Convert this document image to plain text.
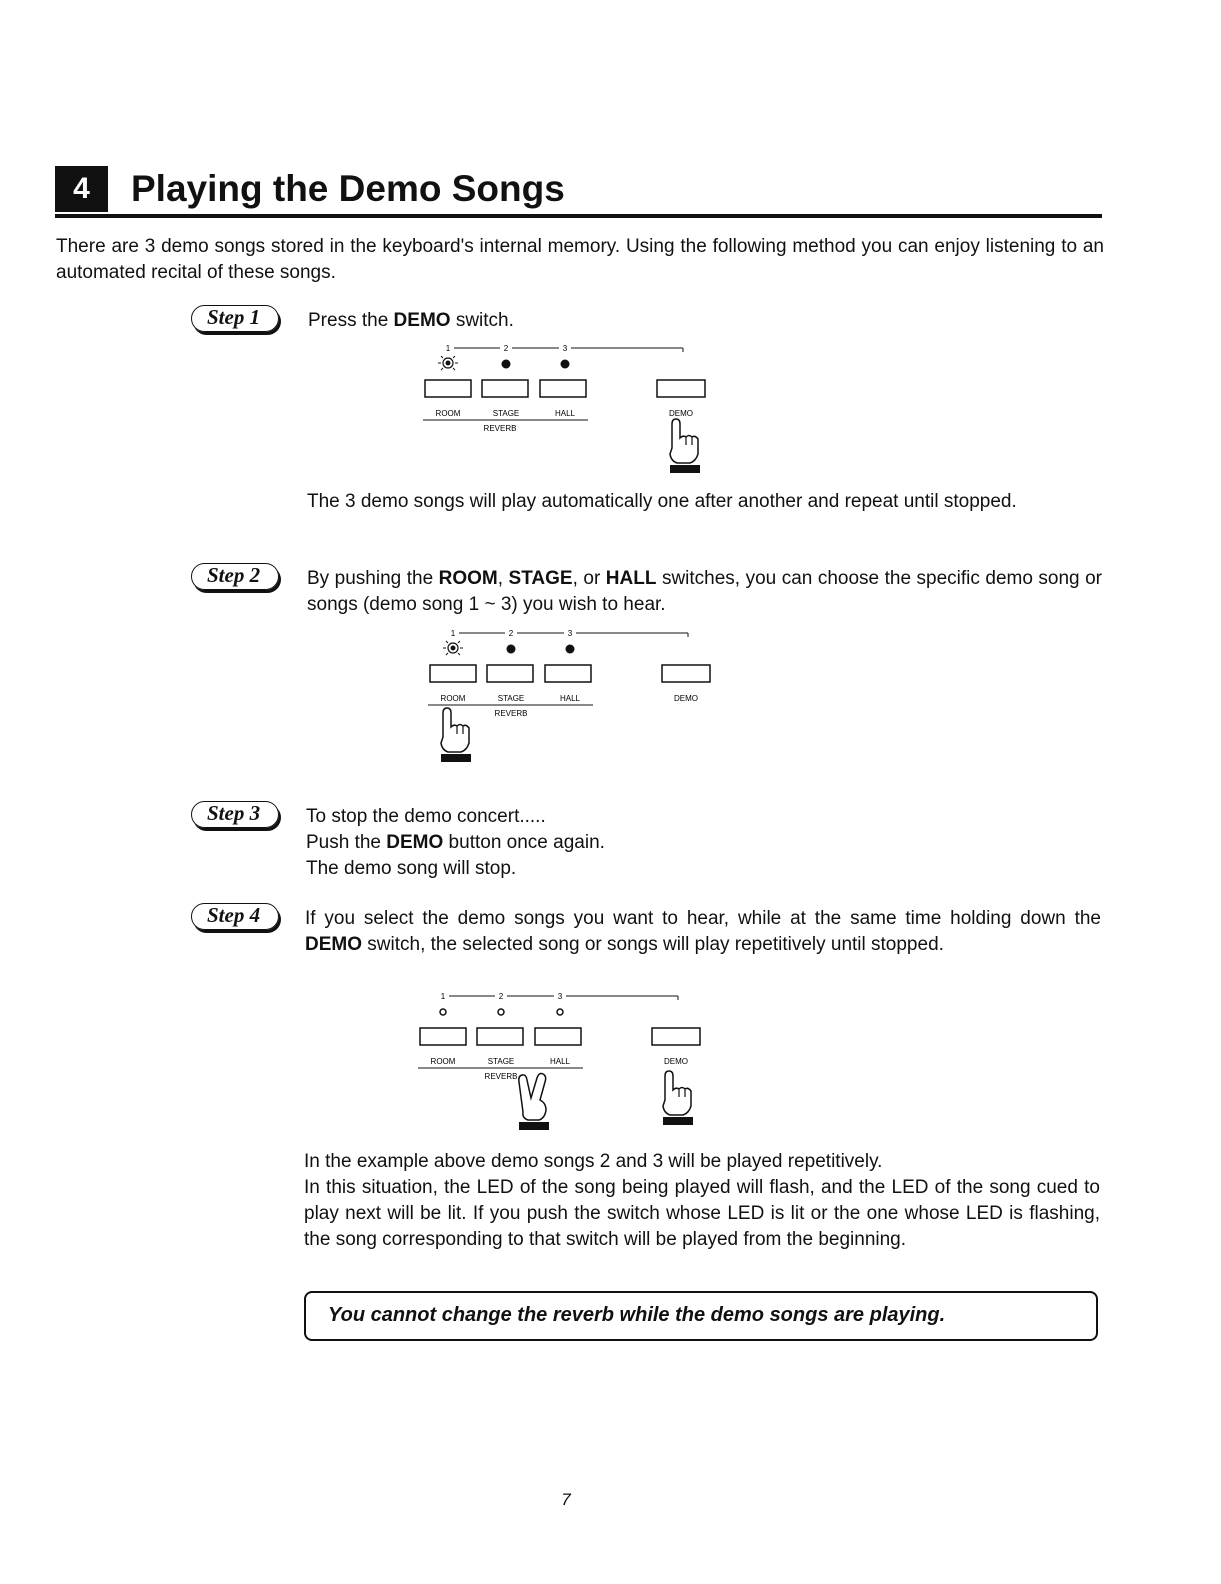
4	Playing the Demo Songs
There are 3 demo songs stored in the keyboard's internal memory. Using the following method you can enjoy listening to an automated recital of these songs.
Step 1	Press the DEMO switch.
1	2	3
ROOM	STAGE	HALL	DEMO
REVERB
The 3 demo songs will play automatically one after another and repeat until stopped.
Step 2	By pushing the ROOM, STAGE, or HALL switches, you can choose the specific demo song or songs (demo song 1 ~ 3) you wish to hear.
1	2	3
ROOM	STAGE	HALL	DEMO
REVERB
Step 3	To stop the demo concert.....
Push the DEMO button once again.
The demo song will stop.
Step 4	If you select the demo songs you want to hear, while at the same time holding down the DEMO switch, the selected song or songs will play repetitively until stopped.
1	2	3
ROOM	STAGE	HALL	DEMO
REVERB
In the example above demo songs 2 and 3 will be played repetitively.
In this situation, the LED of the song being played will flash, and the LED of the song cued to play next will be lit. If you push the switch whose LED is lit or the one whose LED is flashing, the song corresponding to that switch will be played from the beginning.
You cannot change the reverb while the demo songs are playing.
7
